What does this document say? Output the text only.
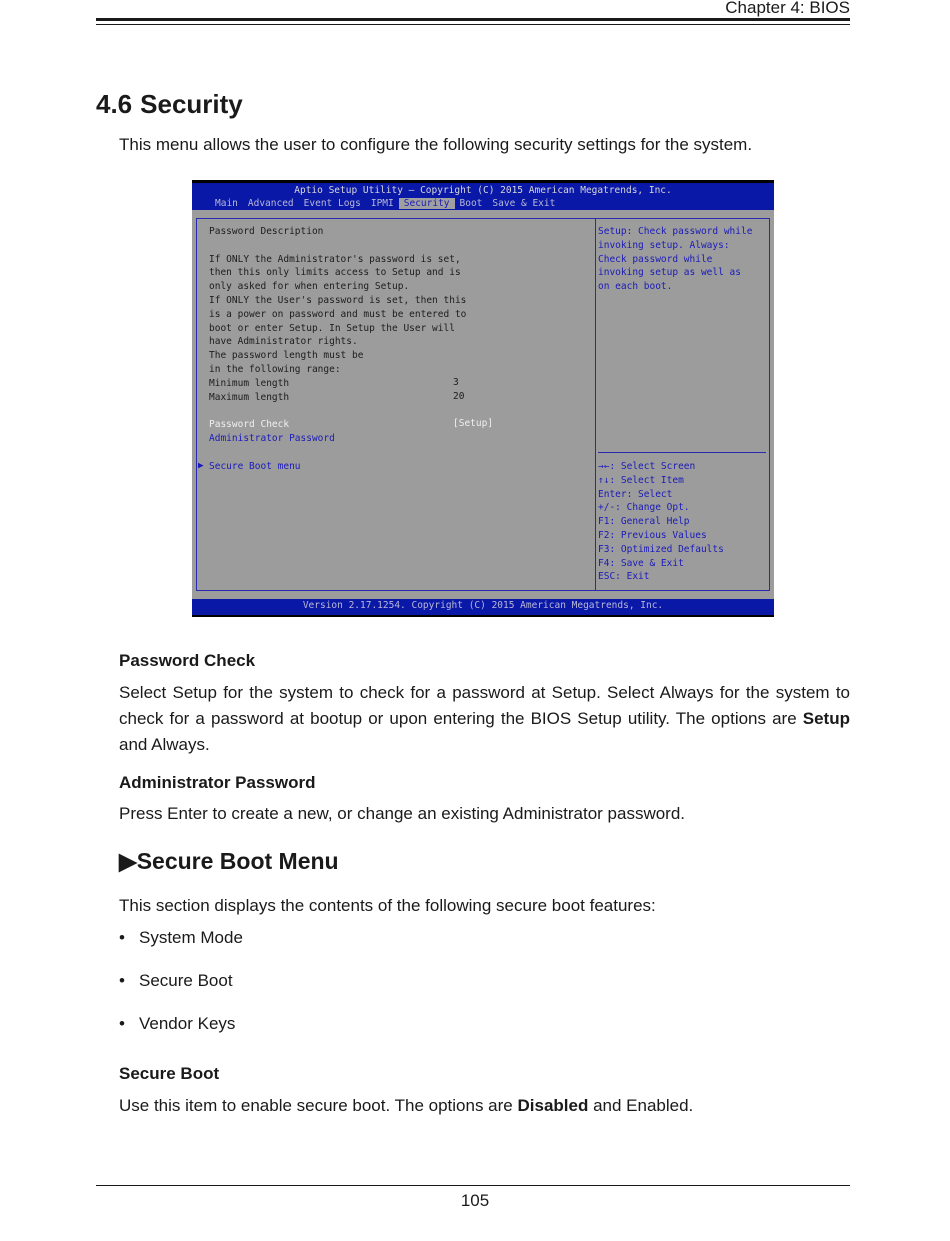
Chapter 4: BIOS
4.6 Security

This menu allows the user to configure the following security settings for the system.

Aptio Setup Utility – Copyright (C) 2015 American Megatrends, Inc.
Main	Advanced	Event Logs	IPMI	Security	Boot	Save & Exit
Password Description
If ONLY the Administrator's password is set,
then this only limits access to Setup and is
only asked for when entering Setup.
If ONLY the User's password is set, then this
is a power on password and must be entered to
boot or enter Setup. In Setup the User will
have Administrator rights.
The password length must be
in the following range:
Minimum length	3
Maximum length	20
Password Check	[Setup]
Administrator Password
▶ Secure Boot menu
Setup: Check password while
invoking setup. Always:
Check password while
invoking setup as well as
on each boot.
→←: Select Screen
↑↓: Select Item
Enter: Select
+/-: Change Opt.
F1: General Help
F2: Previous Values
F3: Optimized Defaults
F4: Save & Exit
ESC: Exit
Version 2.17.1254. Copyright (C) 2015 American Megatrends, Inc.
Password Check

Select Setup for the system to check for a password at Setup. Select Always for the system to check for a password at bootup or upon entering the BIOS Setup utility. The options are Setup and Always.

Administrator Password

Press Enter to create a new, or change an existing Administrator password.

▶Secure Boot Menu

This section displays the contents of the following secure boot features:

• System Mode
• Secure Boot
• Vendor Keys
Secure Boot

Use this item to enable secure boot. The options are Disabled and Enabled.

105
